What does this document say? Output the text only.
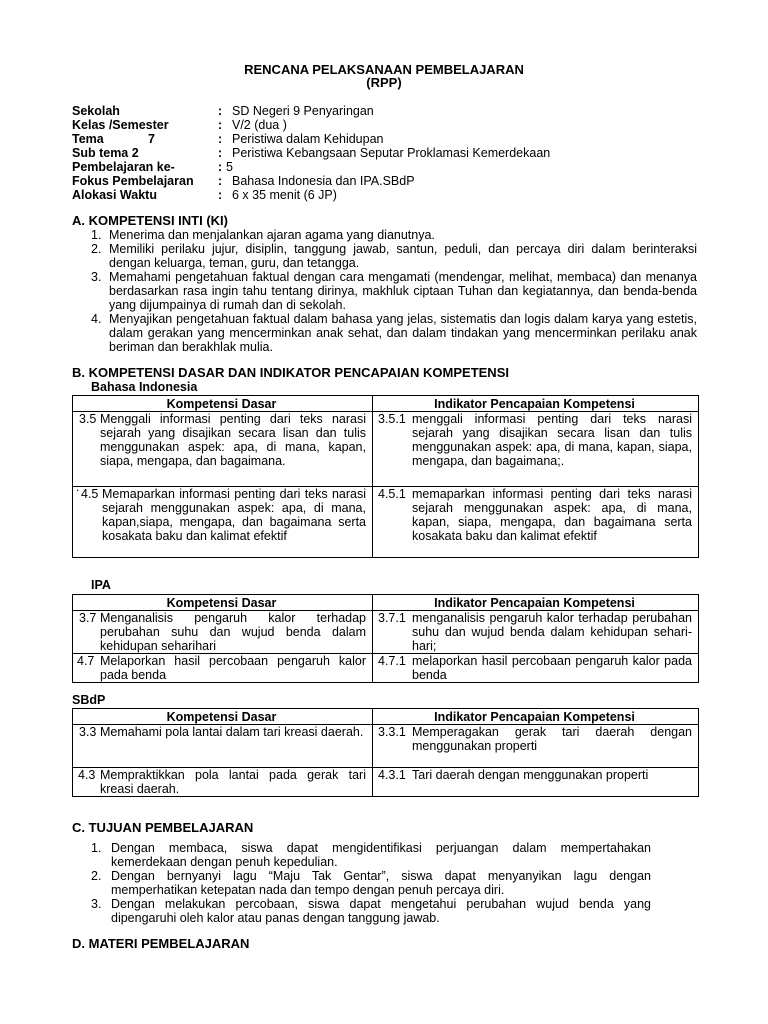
RENCANA PELAKSANAAN PEMBELAJARAN
(RPP)
Sekolah	: SD Negeri 9 Penyaringan
Kelas /Semester	: V/2 (dua )
Tema	7	: Peristiwa dalam Kehidupan
Sub tema 2	: Peristiwa Kebangsaan Seputar Proklamasi Kemerdekaan
Pembelajaran ke-	: 5
Fokus Pembelajaran : Bahasa Indonesia dan IPA.SBdP
Alokasi Waktu	: 6 x 35 menit (6 JP)
A. KOMPETENSI INTI (KI)
1. Menerima dan menjalankan ajaran agama yang dianutnya.
2. Memiliki perilaku jujur, disiplin, tanggung jawab, santun, peduli, dan percaya diri dalam berinteraksi dengan keluarga, teman, guru, dan tetangga.
3. Memahami pengetahuan faktual dengan cara mengamati (mendengar, melihat, membaca) dan menanya berdasarkan rasa ingin tahu tentang dirinya, makhluk ciptaan Tuhan dan kegiatannya, dan benda-benda yang dijumpainya di rumah dan di sekolah.
4. Menyajikan pengetahuan faktual dalam bahasa yang jelas, sistematis dan logis dalam karya yang estetis, dalam gerakan yang mencerminkan anak sehat, dan dalam tindakan yang mencerminkan perilaku anak beriman dan berakhlak mulia.
B. KOMPETENSI DASAR DAN INDIKATOR PENCAPAIAN KOMPETENSI
Bahasa Indonesia
Kompetensi Dasar	Indikator Pencapaian Kompetensi

3.5 Menggali informasi penting dari teks narasi sejarah yang disajikan secara lisan dan tulis menggunakan aspek: apa, di mana, kapan, siapa, mengapa, dan bagaimana.	3.5.1 menggali informasi penting dari teks narasi sejarah yang disajikan secara lisan dan tulis menggunakan aspek: apa, di mana, kapan, siapa, mengapa, dan bagaimana;.

4.5 Memaparkan informasi penting dari teks narasi sejarah menggunakan aspek: apa, di mana, kapan,siapa, mengapa, dan bagaimana serta kosakata baku dan kalimat efektif	4.5.1 memaparkan informasi penting dari teks narasi sejarah menggunakan aspek: apa, di mana, kapan, siapa, mengapa, dan bagaimana serta kosakata baku dan kalimat efektif
.
IPA
Kompetensi Dasar	Indikator Pencapaian Kompetensi

3.7 Menganalisis pengaruh kalor terhadap perubahan suhu dan wujud benda dalam kehidupan seharihari	3.7.1 menganalisis pengaruh kalor terhadap perubahan suhu dan wujud benda dalam kehidupan sehari-hari;

4.7 Melaporkan hasil percobaan pengaruh kalor pada benda	4.7.1 melaporkan hasil percobaan pengaruh kalor pada benda
SBdP
Kompetensi Dasar	Indikator Pencapaian Kompetensi

3.3 Memahami pola lantai dalam tari kreasi daerah.	3.3.1 Memperagakan gerak tari daerah dengan menggunakan properti

4.3 Mempraktikkan pola lantai pada gerak tari kreasi daerah.	4.3.1 Tari daerah dengan menggunakan properti
C. TUJUAN PEMBELAJARAN
1. Dengan membaca, siswa dapat mengidentifikasi perjuangan dalam mempertahakan kemerdekaan dengan penuh kepedulian.
2. Dengan bernyanyi lagu “Maju Tak Gentar”, siswa dapat menyanyikan lagu dengan memperhatikan ketepatan nada dan tempo dengan penuh percaya diri.
3. Dengan melakukan percobaan, siswa dapat mengetahui perubahan wujud benda yang dipengaruhi oleh kalor atau panas dengan tanggung jawab.
D. MATERI PEMBELAJARAN
